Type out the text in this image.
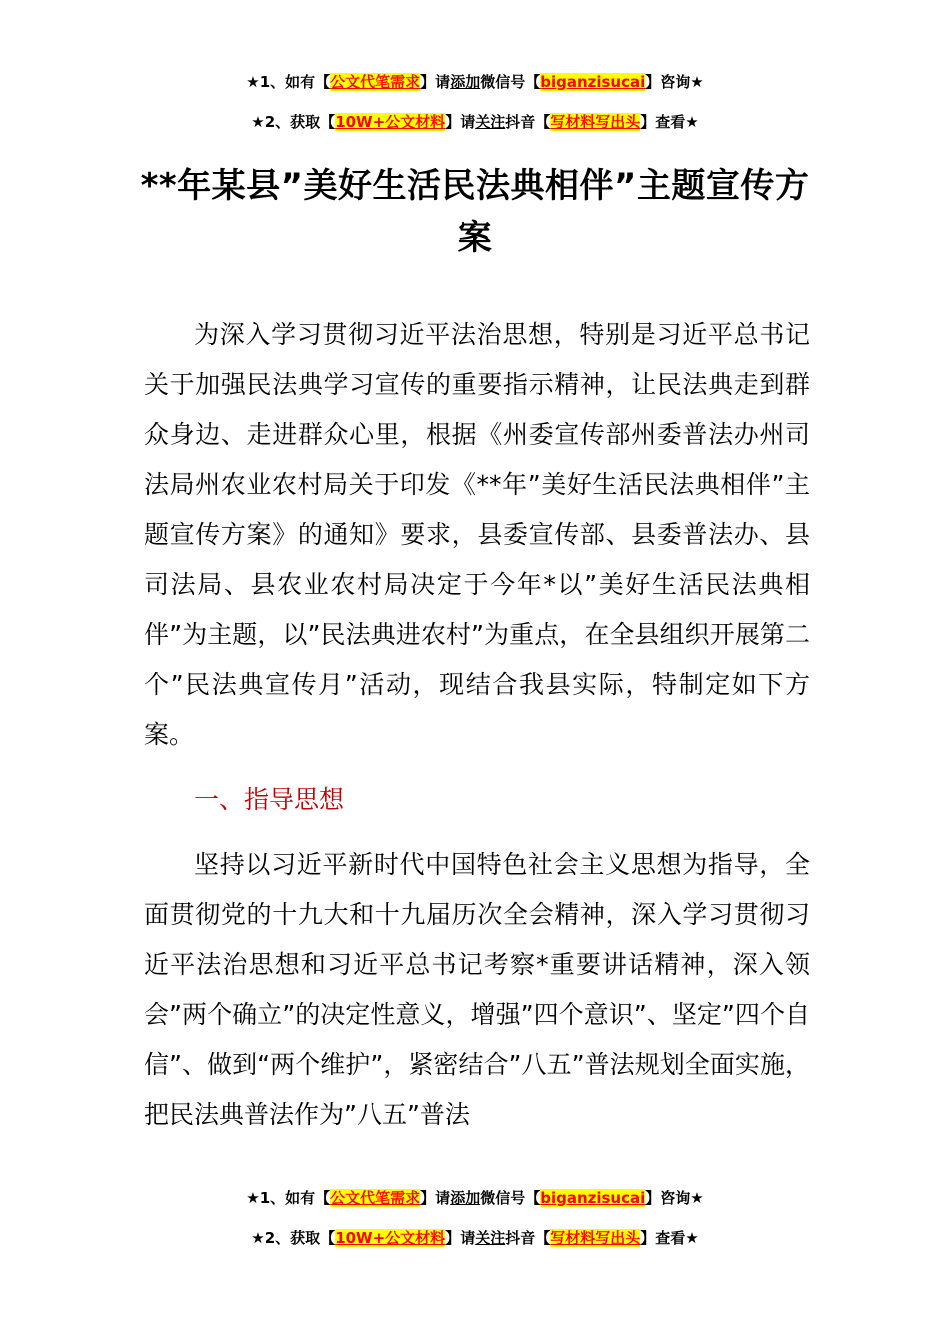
★1、如有【公文代笔需求】请添加微信号【biganzisucai】咨询★
★2、获取【10W+公文材料】请关注抖音【写材料写出头】查看★
**年某县”美好生活民法典相伴”主题宣传方案

为深入学习贯彻习近平法治思想，特别是习近平总书记关于加强民法典学习宣传的重要指示精神，让民法典走到群众身边、走进群众心里，根据《州委宣传部州委普法办州司法局州农业农村局关于印发《**年”美好生活民法典相伴”主题宣传方案》的通知》要求，县委宣传部、县委普法办、县司法局、县农业农村局决定于今年*以”美好生活民法典相伴”为主题，以”民法典进农村”为重点，在全县组织开展第二个”民法典宣传月”活动，现结合我县实际，特制定如下方案。

一、指导思想

坚持以习近平新时代中国特色社会主义思想为指导，全面贯彻党的十九大和十九届历次全会精神，深入学习贯彻习近平法治思想和习近平总书记考察*重要讲话精神，深入领会”两个确立”的决定性意义，增强”四个意识”、坚定”四个自信”、做到“两个维护”，紧密结合”八五”普法规划全面实施，把民法典普法作为”八五”普法

★1、如有【公文代笔需求】请添加微信号【biganzisucai】咨询★
★2、获取【10W+公文材料】请关注抖音【写材料写出头】查看★
